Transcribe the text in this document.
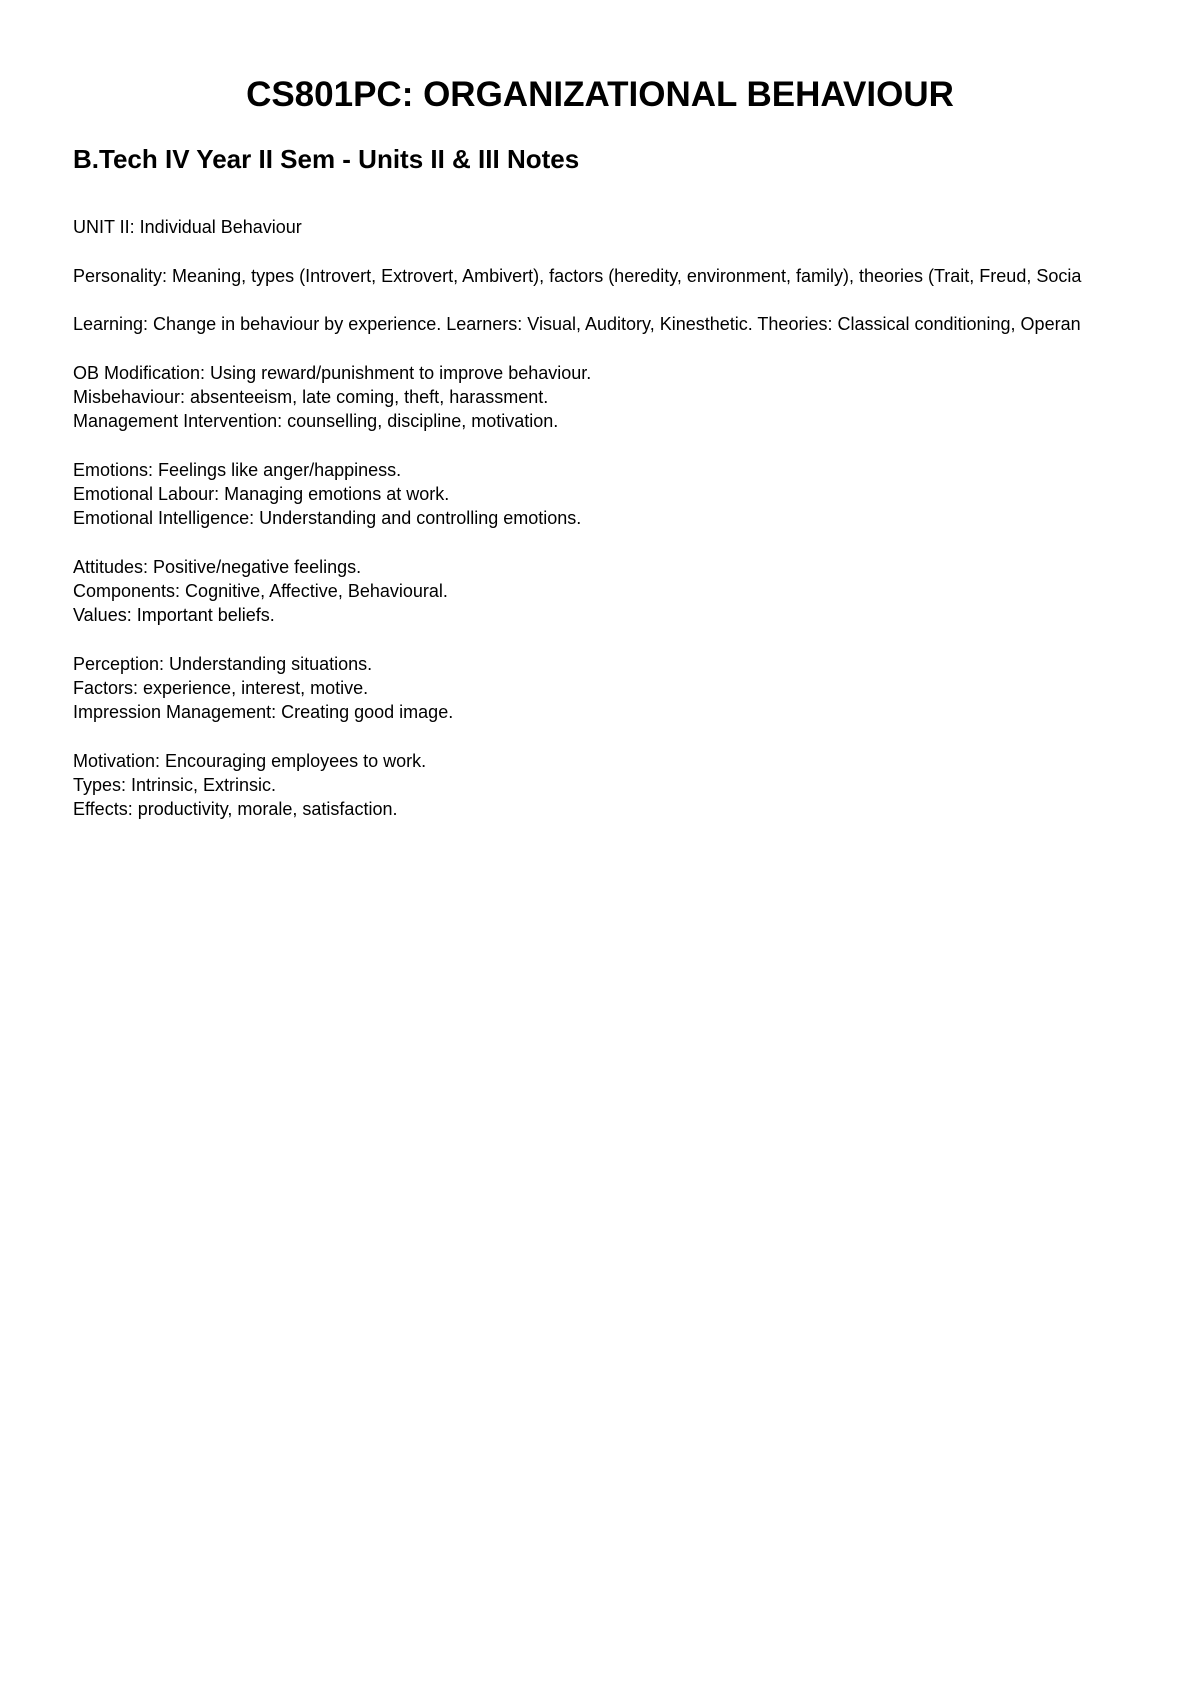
CS801PC: ORGANIZATIONAL BEHAVIOUR
B.Tech IV Year II Sem - Units II & III Notes

UNIT II: Individual Behaviour

Personality: Meaning, types (Introvert, Extrovert, Ambivert), factors (heredity, environment, family), theories (Trait, Freud, Socia

Learning: Change in behaviour by experience. Learners: Visual, Auditory, Kinesthetic. Theories: Classical conditioning, Operan

OB Modification: Using reward/punishment to improve behaviour.

Misbehaviour: absenteeism, late coming, theft, harassment.

Management Intervention: counselling, discipline, motivation.

Emotions: Feelings like anger/happiness.

Emotional Labour: Managing emotions at work.

Emotional Intelligence: Understanding and controlling emotions.

Attitudes: Positive/negative feelings.

Components: Cognitive, Affective, Behavioural.

Values: Important beliefs.

Perception: Understanding situations.

Factors: experience, interest, motive.

Impression Management: Creating good image.

Motivation: Encouraging employees to work.

Types: Intrinsic, Extrinsic.

Effects: productivity, morale, satisfaction.
